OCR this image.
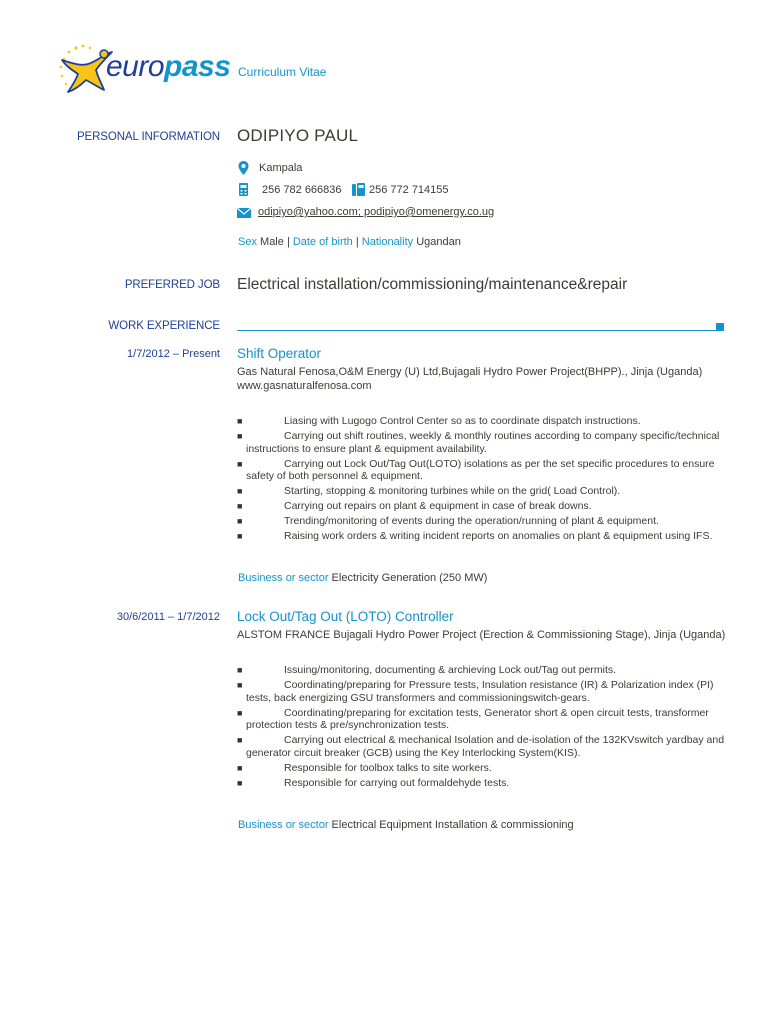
europass Curriculum Vitae
PERSONAL INFORMATION ODIPIYO PAUL
Kampala
256 782 666836 256 772 714155
odipiyo@yahoo.com; podipiyo@omenergy.co.ug
Sex Male | Date of birth | Nationality Ugandan
PREFERRED JOB Electrical installation/commissioning/maintenance&repair
WORK EXPERIENCE
1/7/2012 – Present Shift Operator
Gas Natural Fenosa,O&M Energy (U) Ltd,Bujagali Hydro Power Project(BHPP)., Jinja (Uganda)
www.gasnaturalfenosa.com
■	Liasing with Lugogo Control Center so as to coordinate dispatch instructions.
■	Carrying out shift routines, weekly & monthly routines according to company specific/technical instructions to ensure plant & equipment availability.
■	Carrying out Lock Out/Tag Out(LOTO) isolations as per the set specific procedures to ensure safety of both personnel & equipment.
■	Starting, stopping & monitoring turbines while on the grid( Load Control).
■	Carrying out repairs on plant & equipment in case of break downs.
■	Trending/monitoring of events during the operation/running of plant & equipment.
■	Raising work orders & writing incident reports on anomalies on plant & equipment using IFS.
Business or sector Electricity Generation (250 MW)
30/6/2011 – 1/7/2012 Lock Out/Tag Out (LOTO) Controller
ALSTOM FRANCE Bujagali Hydro Power Project (Erection & Commissioning Stage), Jinja (Uganda)
■	Issuing/monitoring, documenting & archieving Lock out/Tag out permits.
■	Coordinating/preparing for Pressure tests, Insulation resistance (IR) & Polarization index (PI) tests, back energizing GSU transformers and commissioningswitch-gears.
■	Coordinating/preparing for excitation tests, Generator short & open circuit tests, transformer protection tests & pre/synchronization tests.
■	Carrying out electrical & mechanical Isolation and de-isolation of the 132KVswitch yardbay and generator circuit breaker (GCB) using the Key Interlocking System(KIS).
■	Responsible for toolbox talks to site workers.
■	Responsible for carrying out formaldehyde tests.
Business or sector Electrical Equipment Installation & commissioning
